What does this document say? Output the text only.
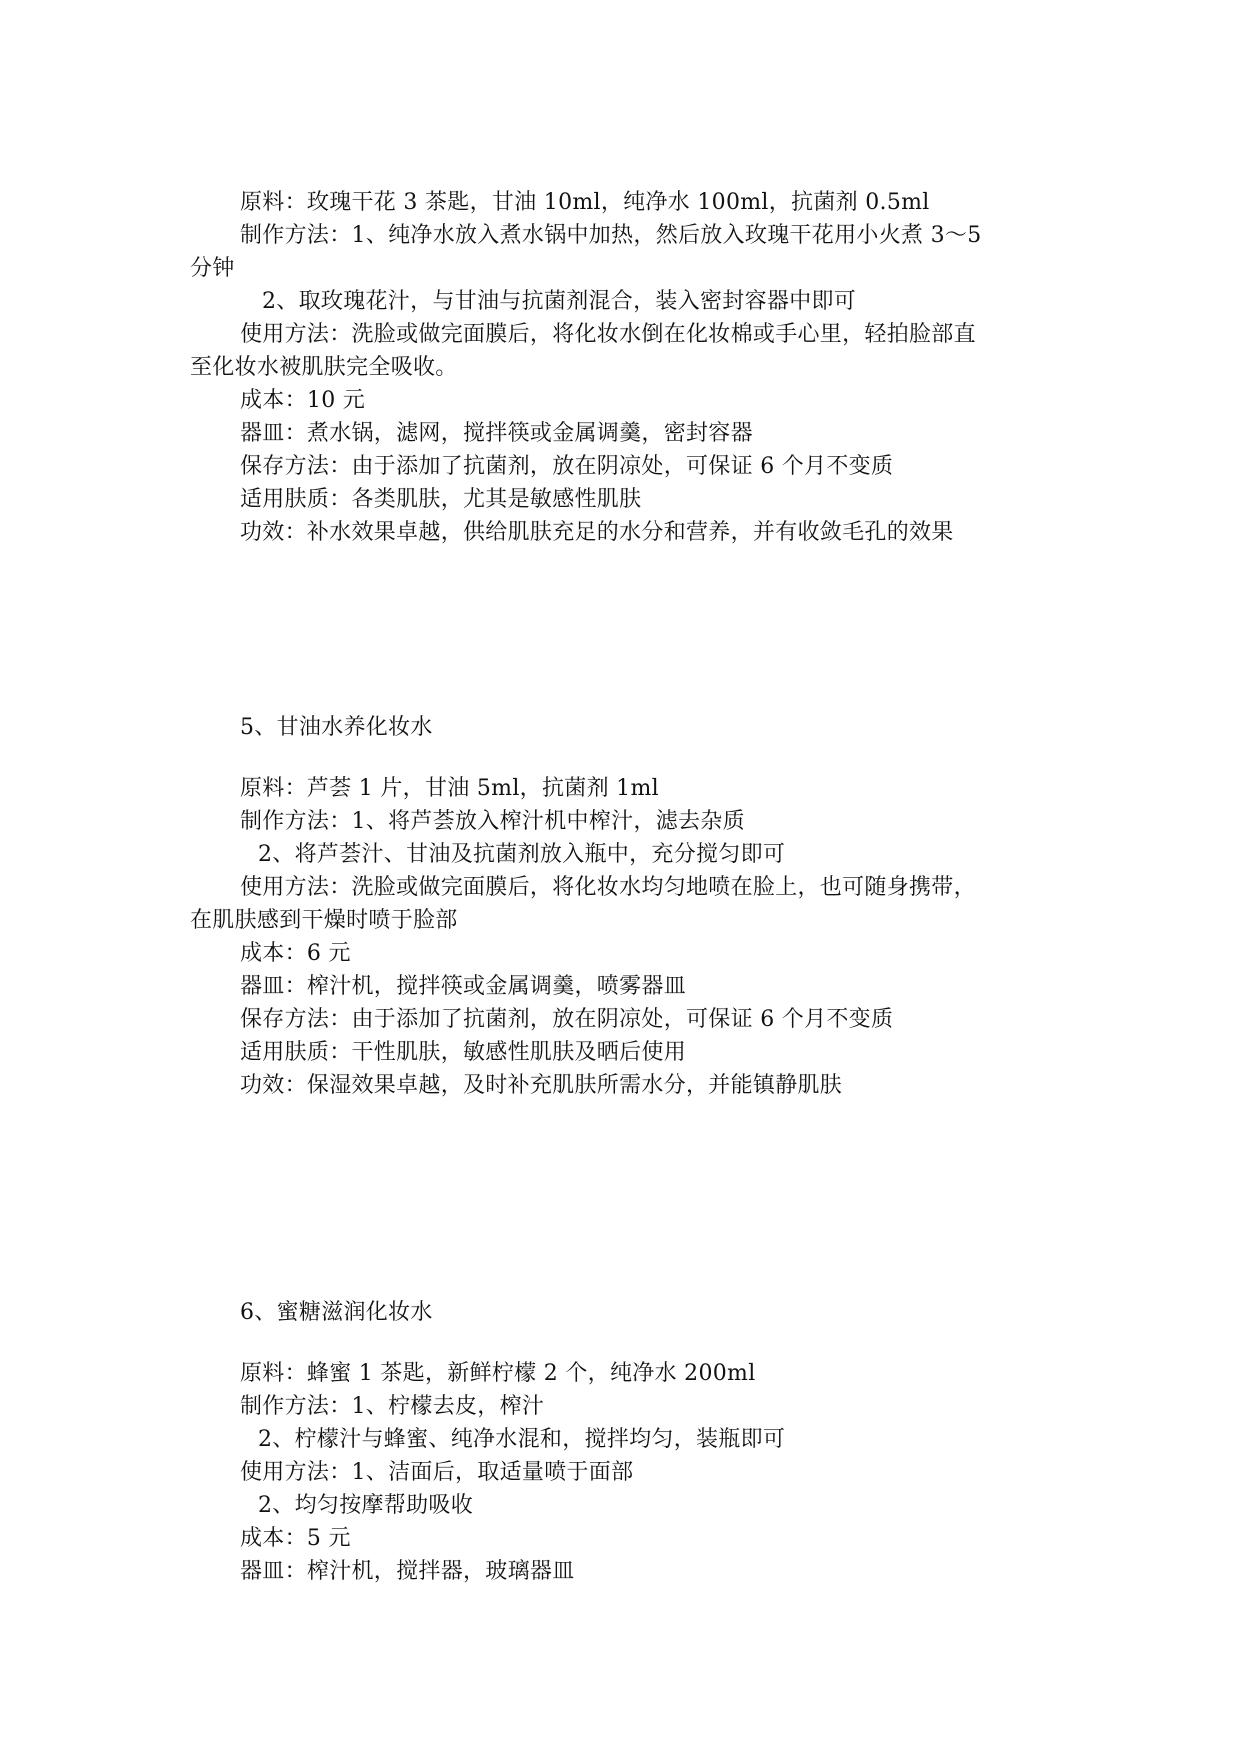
原料：玫瑰干花 3 茶匙，甘油 10ml，纯净水 100ml，抗菌剂 0.5ml
制作方法：1、纯净水放入煮水锅中加热，然后放入玫瑰干花用小火煮 3～5
分钟
2、取玫瑰花汁，与甘油与抗菌剂混合，装入密封容器中即可
使用方法：洗脸或做完面膜后，将化妆水倒在化妆棉或手心里，轻拍脸部直
至化妆水被肌肤完全吸收。
成本：10 元
器皿：煮水锅，滤网，搅拌筷或金属调羹，密封容器
保存方法：由于添加了抗菌剂，放在阴凉处，可保证 6 个月不变质
适用肤质：各类肌肤，尤其是敏感性肌肤
功效：补水效果卓越，供给肌肤充足的水分和营养，并有收敛毛孔的效果
5、甘油水养化妆水
原料：芦荟 1 片，甘油 5ml，抗菌剂 1ml
制作方法：1、将芦荟放入榨汁机中榨汁，滤去杂质
2、将芦荟汁、甘油及抗菌剂放入瓶中，充分搅匀即可
使用方法：洗脸或做完面膜后，将化妆水均匀地喷在脸上，也可随身携带，
在肌肤感到干燥时喷于脸部
成本：6 元
器皿：榨汁机，搅拌筷或金属调羹，喷雾器皿
保存方法：由于添加了抗菌剂，放在阴凉处，可保证 6 个月不变质
适用肤质：干性肌肤，敏感性肌肤及晒后使用
功效：保湿效果卓越，及时补充肌肤所需水分，并能镇静肌肤
6、蜜糖滋润化妆水
原料：蜂蜜 1 茶匙，新鲜柠檬 2 个，纯净水 200ml
制作方法：1、柠檬去皮，榨汁
2、柠檬汁与蜂蜜、纯净水混和，搅拌均匀，装瓶即可
使用方法：1、洁面后，取适量喷于面部
2、均匀按摩帮助吸收
成本：5 元
器皿：榨汁机，搅拌器，玻璃器皿
